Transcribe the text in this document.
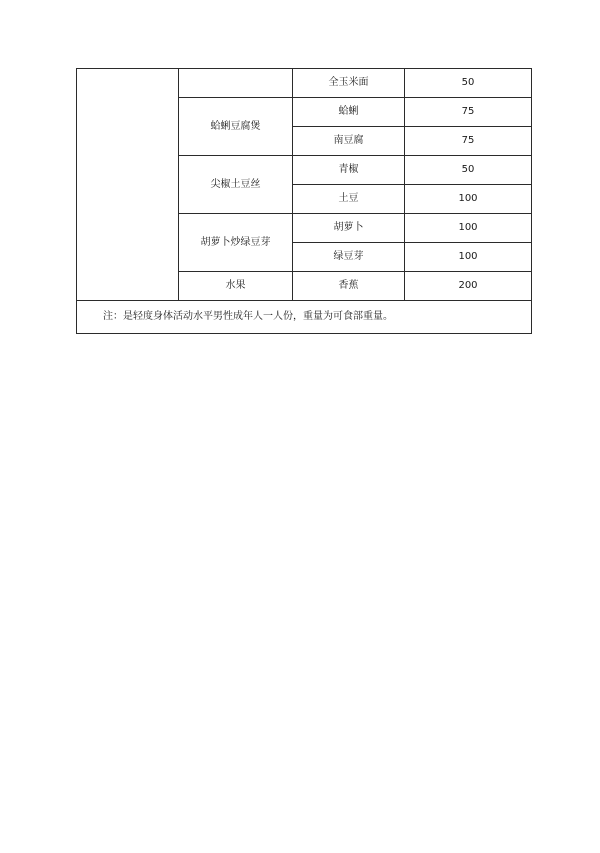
		全玉米面	50
	蛤蜊豆腐煲	蛤蜊	75
		南豆腐	75
	尖椒土豆丝	青椒	50
		土豆	100
	胡萝卜炒绿豆芽	胡萝卜	100
		绿豆芽	100
	水果	香蕉	200
注：是轻度身体活动水平男性成年人一人份，重量为可食部重量。			
